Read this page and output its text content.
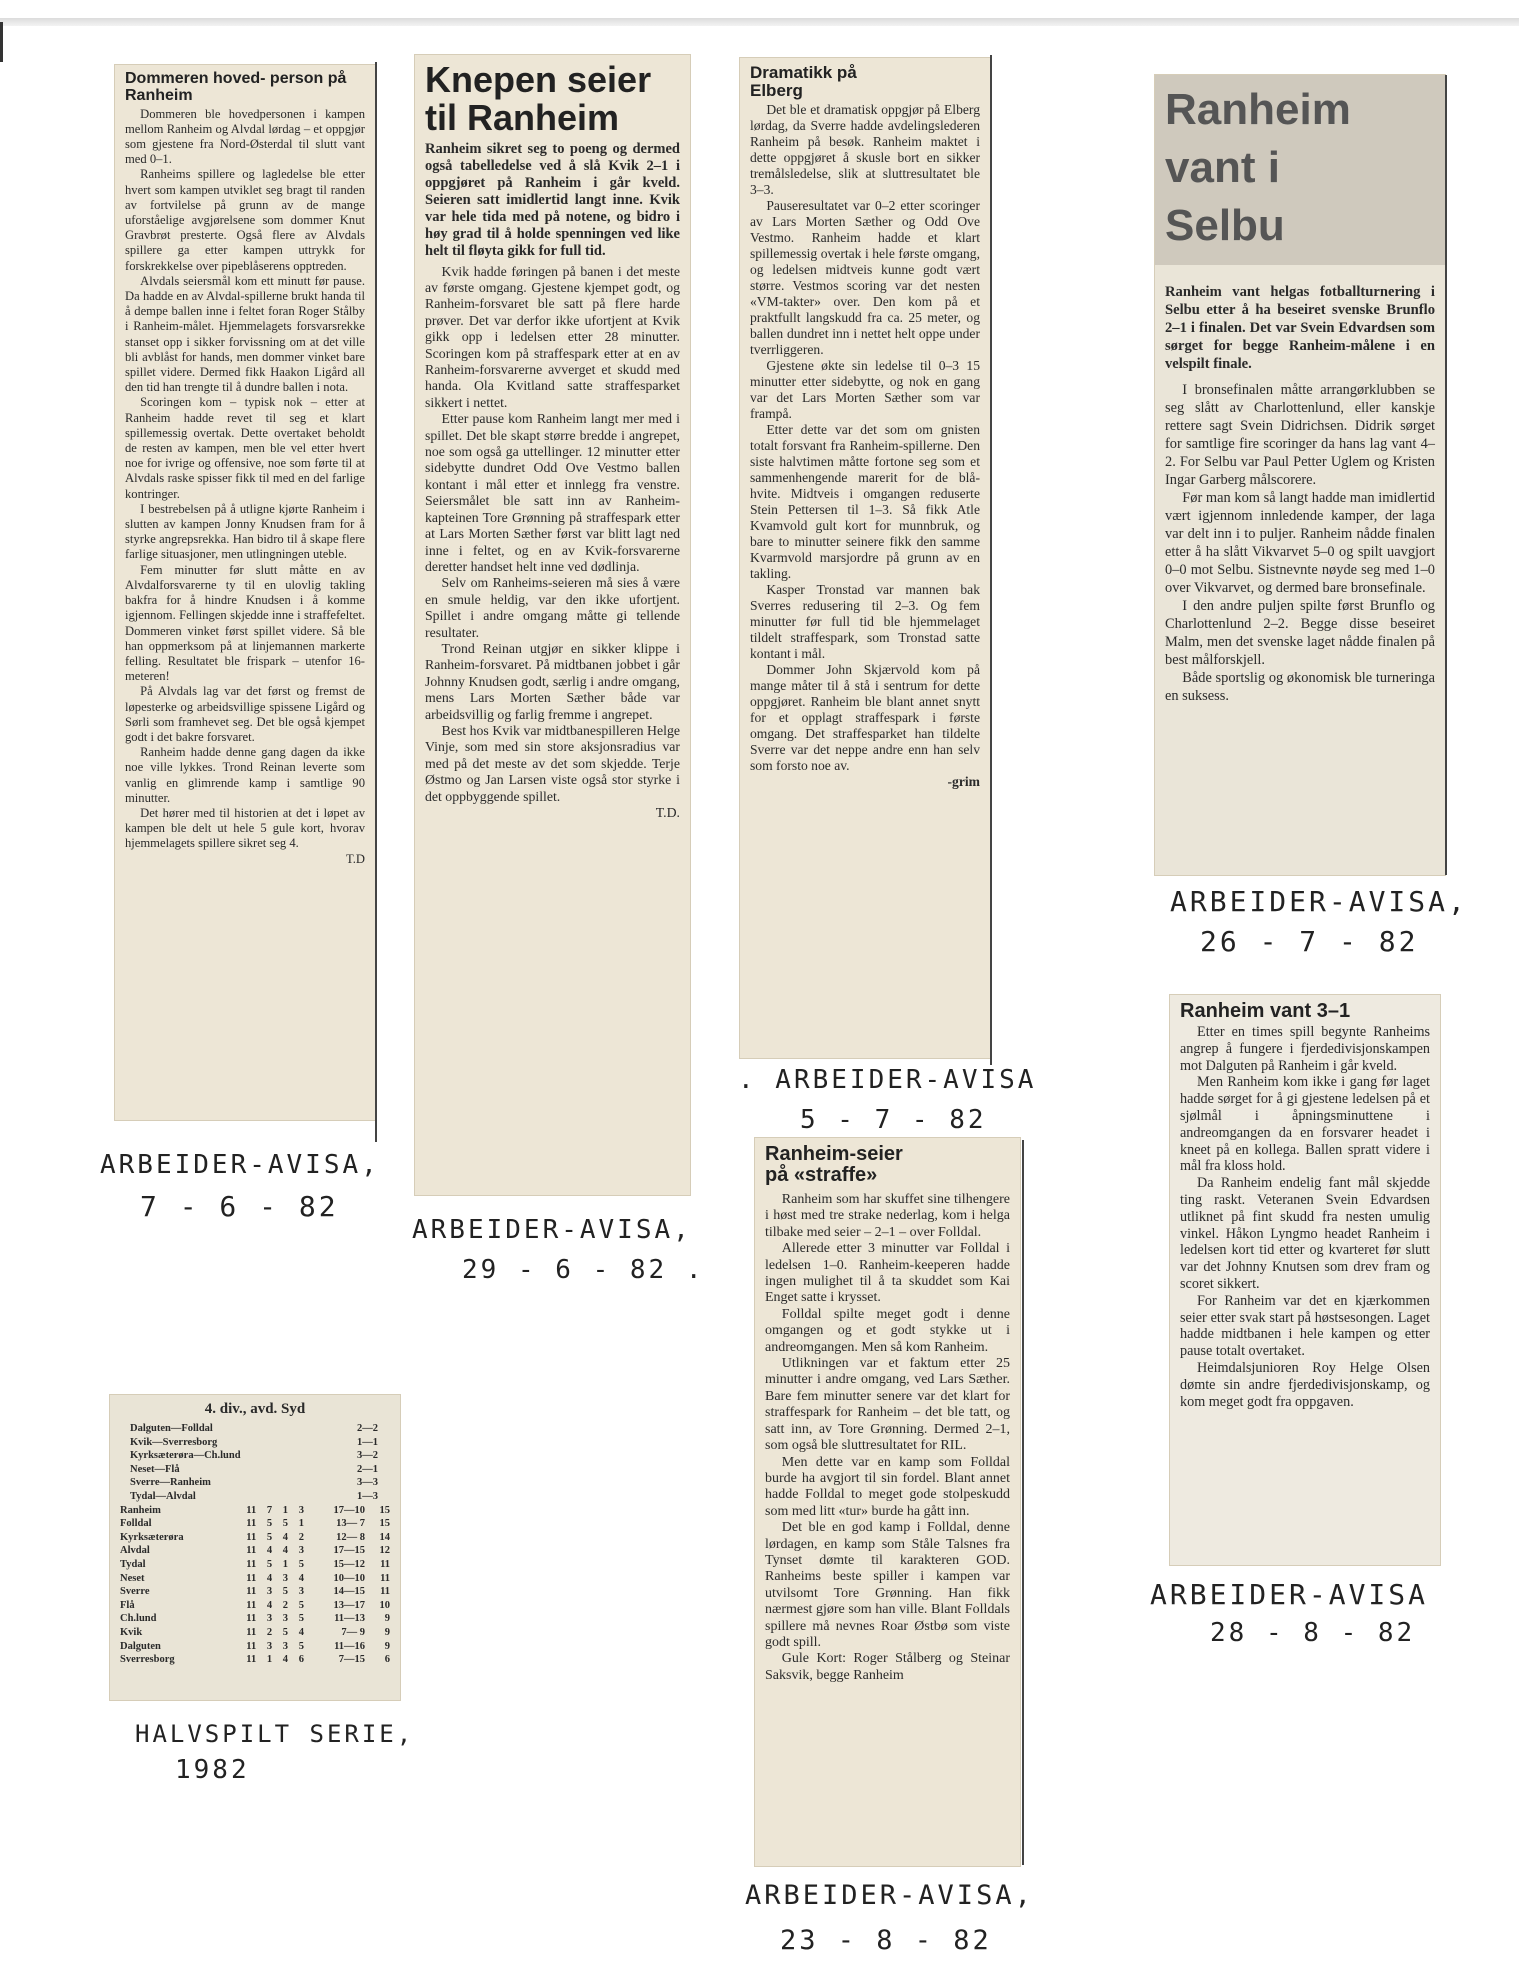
Dommeren hoved- person på Ranheim

Dommeren ble hovedpersonen i kampen mellom Ranheim og Alvdal lørdag – et oppgjør som gjestene fra Nord-Østerdal til slutt vant med 0–1.

Ranheims spillere og lagledelse ble etter hvert som kampen utviklet seg bragt til randen av fortvilelse på grunn av de mange uforståelige avgjørelsene som dommer Knut Gravbrøt presterte. Også flere av Alvdals spillere ga etter kampen uttrykk for forskrekkelse over pipeblåserens opptreden.

Alvdals seiersmål kom ett minutt før pause. Da hadde en av Alvdal-spillerne brukt handa til å dempe ballen inne i feltet foran Roger Stålby i Ranheim-målet. Hjemmelagets forsvarsrekke stanset opp i sikker forvissning om at det ville bli avblåst for hands, men dommer vinket bare spillet videre. Dermed fikk Haakon Ligård all den tid han trengte til å dundre ballen i nota.

Scoringen kom – typisk nok – etter at Ranheim hadde revet til seg et klart spillemessig overtak. Dette overtaket beholdt de resten av kampen, men ble vel etter hvert noe for ivrige og offensive, noe som førte til at Alvdals raske spisser fikk til med en del farlige kontringer.

I bestrebelsen på å utligne kjørte Ranheim i slutten av kampen Jonny Knudsen fram for å styrke angrepsrekka. Han bidro til å skape flere farlige situasjoner, men utlingningen uteble.

Fem minutter før slutt måtte en av Alvdalforsvarerne ty til en ulovlig takling bakfra for å hindre Knudsen i å komme igjennom. Fellingen skjedde inne i straffefeltet. Dommeren vinket først spillet videre. Så ble han oppmerksom på at linjemannen markerte felling. Resultatet ble frispark – utenfor 16-meteren!

På Alvdals lag var det først og fremst de løpesterke og arbeidsvillige spissene Ligård og Sørli som framhevet seg. Det ble også kjempet godt i det bakre forsvaret.

Ranheim hadde denne gang dagen da ikke noe ville lykkes. Trond Reinan leverte som vanlig en glimrende kamp i samtlige 90 minutter.

Det hører med til historien at det i løpet av kampen ble delt ut hele 5 gule kort, hvorav hjemmelagets spillere sikret seg 4.

T.D

ARBEIDER-AVISA,
7 - 6 - 82
Knepen seier til Ranheim

Ranheim sikret seg to poeng og dermed også tabelledelse ved å slå Kvik 2–1 i oppgjøret på Ranheim i går kveld. Seieren satt imidlertid langt inne. Kvik var hele tida med på notene, og bidro i høy grad til å holde spenningen ved like helt til fløyta gikk for full tid.

Kvik hadde føringen på banen i det meste av første omgang. Gjestene kjempet godt, og Ranheim-forsvaret ble satt på flere harde prøver. Det var derfor ikke ufortjent at Kvik gikk opp i ledelsen etter 28 minutter. Scoringen kom på straffespark etter at en av Ranheim-forsvarerne avverget et skudd med handa. Ola Kvitland satte straffesparket sikkert i nettet.

Etter pause kom Ranheim langt mer med i spillet. Det ble skapt større bredde i angrepet, noe som også ga uttellinger. 12 minutter etter sidebytte dundret Odd Ove Vestmo ballen kontant i mål etter et innlegg fra venstre. Seiersmålet ble satt inn av Ranheim-kapteinen Tore Grønning på straffespark etter at Lars Morten Sæther først var blitt lagt ned inne i feltet, og en av Kvik-forsvarerne deretter handset helt inne ved dødlinja.

Selv om Ranheims-seieren må sies å være en smule heldig, var den ikke ufortjent. Spillet i andre omgang måtte gi tellende resultater.

Trond Reinan utgjør en sikker klippe i Ranheim-forsvaret. På midtbanen jobbet i går Johnny Knudsen godt, særlig i andre omgang, mens Lars Morten Sæther både var arbeidsvillig og farlig fremme i angrepet.

Best hos Kvik var midtbanespilleren Helge Vinje, som med sin store aksjonsradius var med på det meste av det som skjedde. Terje Østmo og Jan Larsen viste også stor styrke i det oppbyggende spillet.

T.D.

ARBEIDER-AVISA,
29 - 6 - 82 .
Dramatikk på Elberg

Det ble et dramatisk oppgjør på Elberg lørdag, da Sverre hadde avdelingslederen Ranheim på besøk. Ranheim maktet i dette oppgjøret å skusle bort en sikker tremålsledelse, slik at sluttresultatet ble 3–3.

Pauseresultatet var 0–2 etter scoringer av Lars Morten Sæther og Odd Ove Vestmo. Ranheim hadde et klart spillemessig overtak i hele første omgang, og ledelsen midtveis kunne godt vært større. Vestmos scoring var det nesten «VM-takter» over. Den kom på et praktfullt langskudd fra ca. 25 meter, og ballen dundret inn i nettet helt oppe under tverrliggeren.

Gjestene økte sin ledelse til 0–3 15 minutter etter sidebytte, og nok en gang var det Lars Morten Sæther som var frampå.

Etter dette var det som om gnisten totalt forsvant fra Ranheim-spillerne. Den siste halvtimen måtte fortone seg som et sammenhengende marerit for de blå-hvite. Midtveis i omgangen reduserte Stein Pettersen til 1–3. Så fikk Atle Kvamvold gult kort for munnbruk, og bare to minutter seinere fikk den samme Kvarmvold marsjordre på grunn av en takling.

Kasper Tronstad var mannen bak Sverres redusering til 2–3. Og fem minutter før full tid ble hjemmelaget tildelt straffespark, som Tronstad satte kontant i mål.

Dommer John Skjærvold kom på mange måter til å stå i sentrum for dette oppgjøret. Ranheim ble blant annet snytt for et opplagt straffespark i første omgang. Det straffesparket han tildelte Sverre var det neppe andre enn han selv som forsto noe av.

-grim

. ARBEIDER-AVISA
5 - 7 - 82
Ranheim-seier på «straffe»

Ranheim som har skuffet sine tilhengere i høst med tre strake nederlag, kom i helga tilbake med seier – 2–1 – over Folldal.

Allerede etter 3 minutter var Folldal i ledelsen 1–0. Ranheim-keeperen hadde ingen mulighet til å ta skuddet som Kai Enget satte i krysset.

Folldal spilte meget godt i denne omgangen og et godt stykke ut i andreomgangen. Men så kom Ranheim.

Utlikningen var et faktum etter 25 minutter i andre omgang, ved Lars Sæther. Bare fem minutter senere var det klart for straffespark for Ranheim – det ble tatt, og satt inn, av Tore Grønning. Dermed 2–1, som også ble sluttresultatet for RIL.

Men dette var en kamp som Folldal burde ha avgjort til sin fordel. Blant annet hadde Folldal to meget gode stolpeskudd som med litt «tur» burde ha gått inn.

Det ble en god kamp i Folldal, denne lørdagen, en kamp som Ståle Talsnes fra Tynset dømte til karakteren GOD. Ranheims beste spiller i kampen var utvilsomt Tore Grønning. Han fikk nærmest gjøre som han ville. Blant Folldals spillere må nevnes Roar Østbø som viste godt spill.

Gule Kort: Roger Stålberg og Steinar Saksvik, begge Ranheim

ARBEIDER-AVISA,
23 - 8 - 82
Ranheim
vant i
Selbu

Ranheim vant helgas fotballturnering i Selbu etter å ha beseiret svenske Brunflo 2–1 i finalen. Det var Svein Edvardsen som sørget for begge Ranheim-målene i en velspilt finale.

I bronsefinalen måtte arrangørklubben se seg slått av Charlottenlund, eller kanskje rettere sagt Svein Didrichsen. Didrik sørget for samtlige fire scoringer da hans lag vant 4–2. For Selbu var Paul Petter Uglem og Kristen Ingar Garberg målscorere.

Før man kom så langt hadde man imidlertid vært igjennom innledende kamper, der lagа var delt inn i to puljer. Ranheim nådde finalen etter å ha slått Vikvarvet 5–0 og spilt uavgjort 0–0 mot Selbu. Sistnevnte nøyde seg med 1–0 over Vikvarvet, og dermed bare bronsefinale.

I den andre puljen spilte først Brunflo og Charlottenlund 2–2. Begge disse beseiret Malm, men det svenske laget nådde finalen på best målforskjell.

Både sportslig og økonomisk ble turneringa en suksess.

ARBEIDER-AVISA,
26 - 7 - 82
Ranheim vant 3–1

Etter en times spill begynte Ranheims angrep å fungere i fjerdedivisjonskampen mot Dalguten på Ranheim i går kveld.

Men Ranheim kom ikke i gang før laget hadde sørget for å gi gjestene ledelsen på et sjølmål i åpningsminuttene i andreomgangen da en forsvarer headet i kneet på en kollega. Ballen spratt videre i mål fra kloss hold.

Da Ranheim endelig fant mål skjedde ting raskt. Veteranen Svein Edvardsen utliknet på fint skudd fra nesten umulig vinkel. Håkon Lyngmo headet Ranheim i ledelsen kort tid etter og kvarteret før slutt var det Johnny Knutsen som drev fram og scoret sikkert.

For Ranheim var det en kjærkommen seier etter svak start på høstsesongen. Laget hadde midtbanen i hele kampen og etter pause totalt overtaket.

Heimdalsjunioren Roy Helge Olsen dømte sin andre fjerdedivisjonskamp, og kom meget godt fra oppgaven.

ARBEIDER-AVISA
28 - 8 - 82
4. div., avd. Syd
Dalguten—Folldal	2—2
Kvik—Sverresborg	1—1
Kyrksæterøra—Ch.lund	3—2
Neset—Flå	2—1
Sverre—Ranheim	3—3
Tydal—Alvdal	1—3
Ranheim	11	7	1	3	17—10	15
Folldal	11	5	5	1	13— 7	15
Kyrksæterøra	11	5	4	2	12— 8	14
Alvdal	11	4	4	3	17—15	12
Tydal	11	5	1	5	15—12	11
Neset	11	4	3	4	10—10	11
Sverre	11	3	5	3	14—15	11
Flå	11	4	2	5	13—17	10
Ch.lund	11	3	3	5	11—13	9
Kvik	11	2	5	4	7— 9	9
Dalguten	11	3	3	5	11—16	9
Sverresborg	11	1	4	6	7—15	6
HALVSPILT SERIE,
1982
